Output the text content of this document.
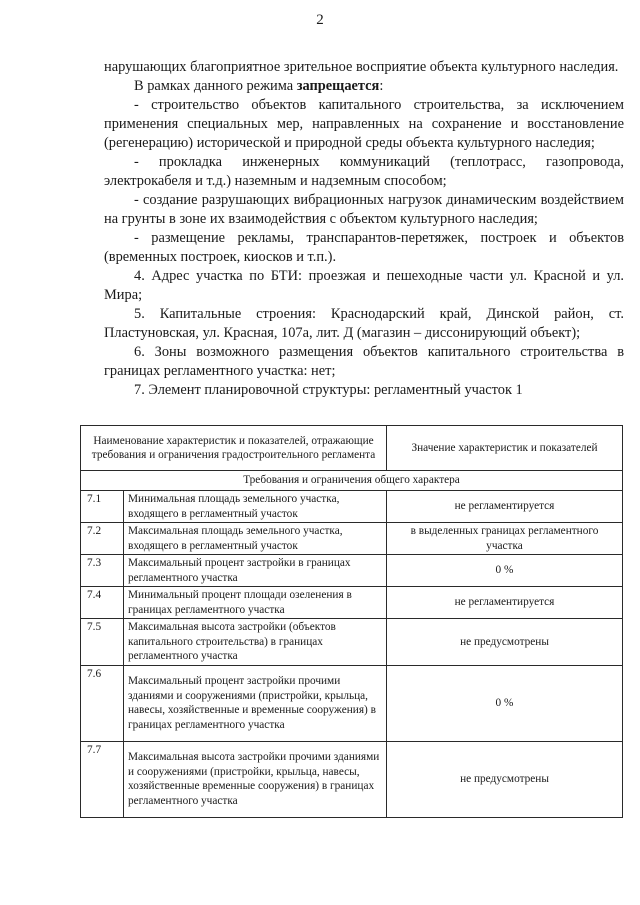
2

нарушающих благоприятное зрительное восприятие объекта культурного наследия.

В рамках данного режима запрещается:

- строительство объектов капитального строительства, за исключением применения специальных мер, направленных на сохранение и восстановление (регенерацию) исторической и природной среды объекта культурного наследия;

- прокладка инженерных коммуникаций (теплотрасс, газопровода, электрокабеля и т.д.) наземным и надземным способом;

- создание разрушающих вибрационных нагрузок динамическим воздействием на грунты в зоне их взаимодействия с объектом культурного наследия;

- размещение рекламы, транспарантов-перетяжек, построек и объектов (временных построек, киосков и т.п.).

4. Адрес участка по БТИ: проезжая и пешеходные части ул. Красной и ул. Мира;

5. Капитальные строения: Краснодарский край, Динской район, ст. Пластуновская, ул. Красная, 107а, лит. Д (магазин – диссонирующий объект);

6. Зоны возможного размещения объектов капитального строительства в границах регламентного участка: нет;

7. Элемент планировочной структуры: регламентный участок 1

Наименование характеристик и показателей, отражающие требования и ограничения градостроительного регламента		Значение характеристик и показателей
Требования и ограничения общего характера		
7.1	Минимальная площадь земельного участка, входящего в регламентный участок	не регламентируется
7.2	Максимальная площадь земельного участка, входящего в регламентный участок	в выделенных границах регламентного участка
7.3	Максимальный процент застройки в границах регламентного участка	0 %
7.4	Минимальный процент площади озеленения в границах регламентного участка	не регламентируется
7.5	Максимальная высота застройки (объектов капитального строительства) в границах регламентного участка	не предусмотрены
7.6	Максимальный процент застройки прочими зданиями и сооружениями (пристройки, крыльца, навесы, хозяйственные и временные сооружения) в границах регламентного участка	0 %
7.7	Максимальная высота застройки прочими зданиями и сооружениями (пристройки, крыльца, навесы, хозяйственные временные сооружения) в границах регламентного участка	не предусмотрены
